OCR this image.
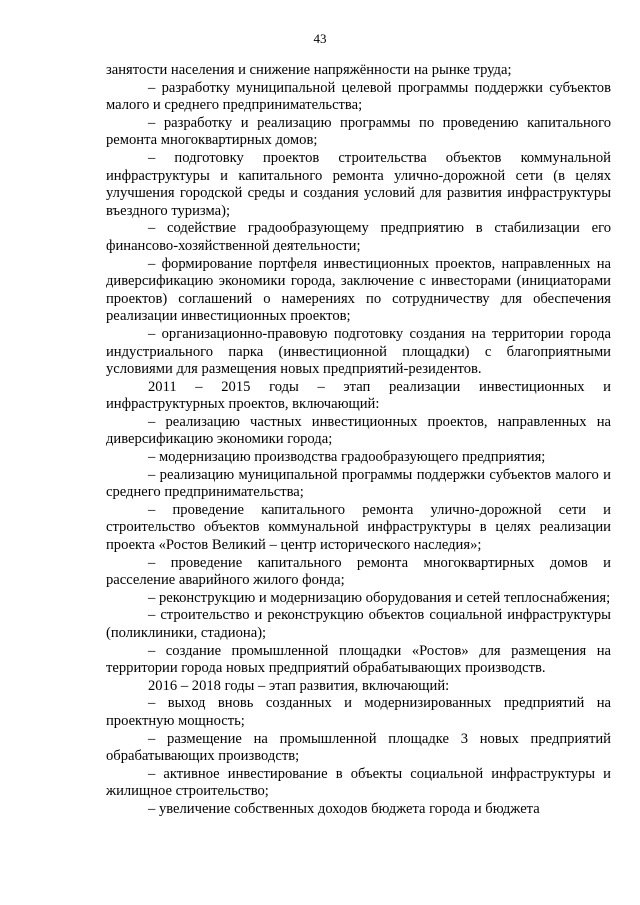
43

занятости населения и снижение напряжённости на рынке труда;

– разработку муниципальной целевой программы поддержки субъектов малого и среднего предпринимательства;

– разработку и реализацию программы по проведению капитального ремонта многоквартирных домов;

– подготовку проектов строительства объектов коммунальной инфраструктуры и капитального ремонта улично-дорожной сети (в целях улучшения городской среды и создания условий для развития инфраструктуры въездного туризма);

– содействие градообразующему предприятию в стабилизации его финансово-хозяйственной деятельности;

– формирование портфеля инвестиционных проектов, направленных на диверсификацию экономики города, заключение с инвесторами (инициаторами проектов) соглашений о намерениях по сотрудничеству для обеспечения реализации инвестиционных проектов;

– организационно-правовую подготовку создания на территории города индустриального парка (инвестиционной площадки) с благоприятными условиями для размещения новых предприятий-резидентов.

2011 – 2015 годы – этап реализации инвестиционных и инфраструктурных проектов, включающий:

– реализацию частных инвестиционных проектов, направленных на диверсификацию экономики города;

– модернизацию производства градообразующего предприятия;

– реализацию муниципальной программы поддержки субъектов малого и среднего предпринимательства;

– проведение капитального ремонта улично-дорожной сети и строительство объектов коммунальной инфраструктуры в целях реализации проекта «Ростов Великий – центр исторического наследия»;

– проведение капитального ремонта многоквартирных домов и расселение аварийного жилого фонда;

– реконструкцию и модернизацию оборудования и сетей теплоснабжения;

– строительство и реконструкцию объектов социальной инфраструктуры (поликлиники, стадиона);

– создание промышленной площадки «Ростов» для размещения на территории города новых предприятий обрабатывающих производств.

2016 – 2018 годы – этап развития, включающий:

– выход вновь созданных и модернизированных предприятий на проектную мощность;

– размещение на промышленной площадке 3 новых предприятий обрабатывающих производств;

– активное инвестирование в объекты социальной инфраструктуры и жилищное строительство;

– увеличение собственных доходов бюджета города и бюджета
